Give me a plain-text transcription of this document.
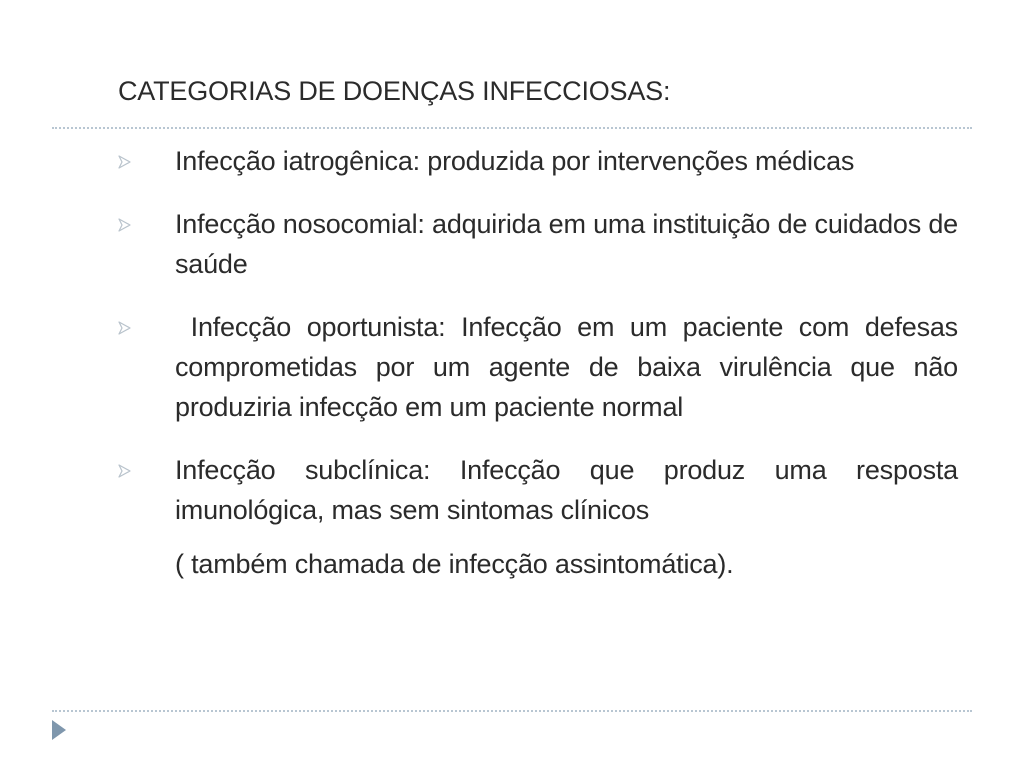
CATEGORIAS DE DOENÇAS INFECCIOSAS:
Infecção iatrogênica: produzida por intervenções médicas
Infecção nosocomial: adquirida em uma instituição de cuidados de saúde
Infecção oportunista: Infecção em um paciente com defesas comprometidas por um agente de baixa virulência que não produziria infecção em um paciente normal
Infecção subclínica: Infecção que produz uma resposta imunológica, mas sem sintomas clínicos
( também chamada de infecção assintomática).
